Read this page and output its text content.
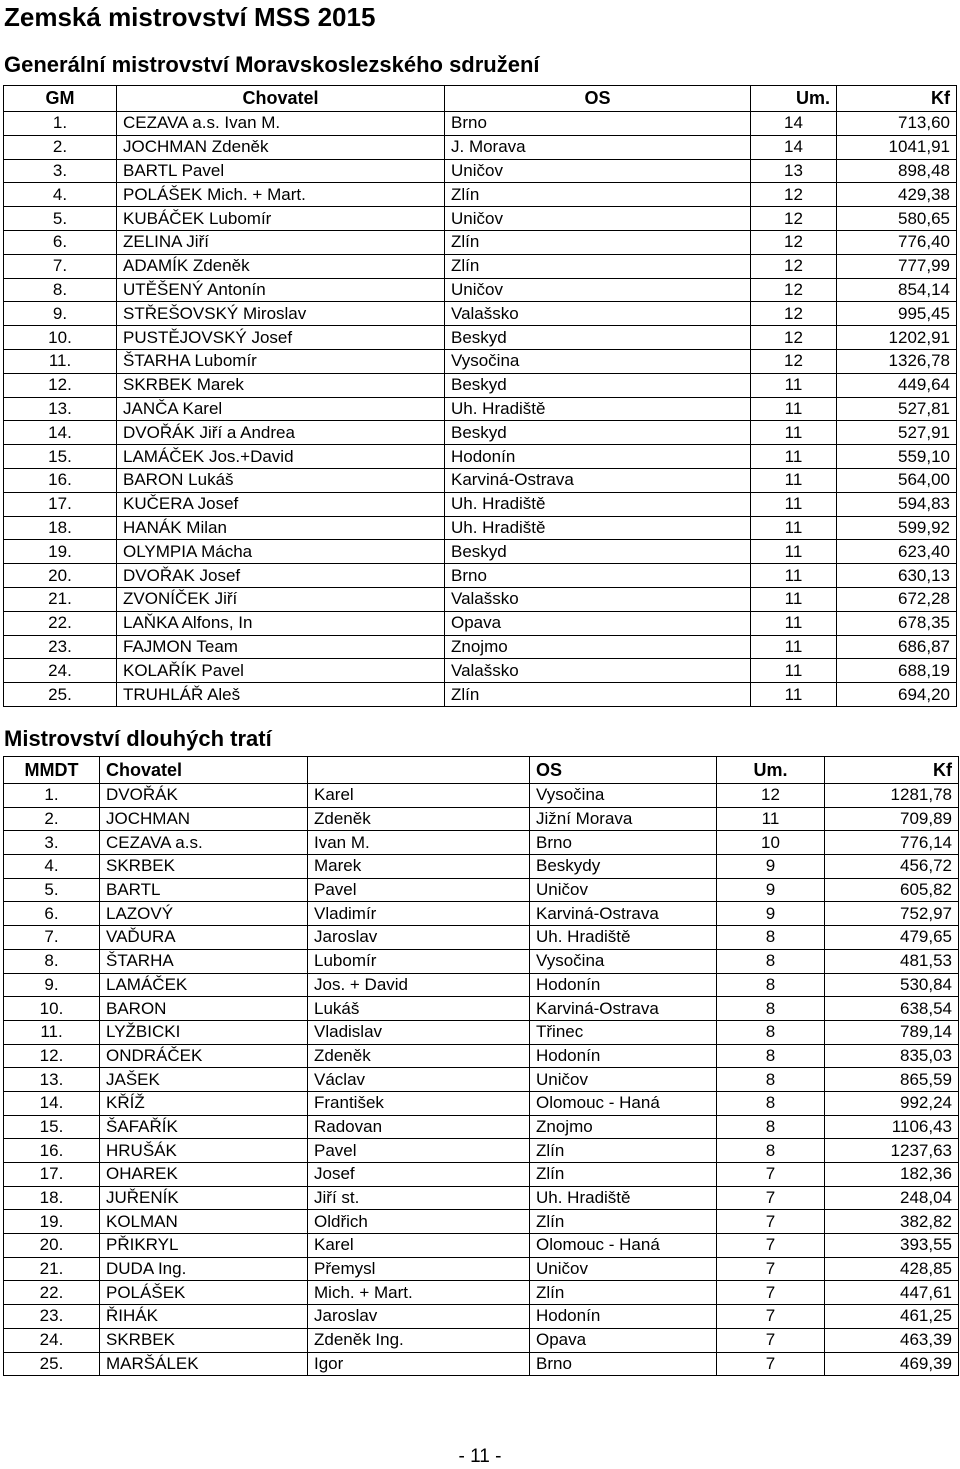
Zemská mistrovství MSS 2015
Generální mistrovství Moravskoslezského sdružení
GM	Chovatel	OS	Um.	Kf
1.	CEZAVA a.s. Ivan M.	Brno	14	713,60
2.	JOCHMAN Zdeněk	J. Morava	14	1041,91
3.	BARTL Pavel	Uničov	13	898,48
4.	POLÁŠEK Mich. + Mart.	Zlín	12	429,38
5.	KUBÁČEK Lubomír	Uničov	12	580,65
6.	ZELINA Jiří	Zlín	12	776,40
7.	ADAMÍK Zdeněk	Zlín	12	777,99
8.	UTĚŠENÝ Antonín	Uničov	12	854,14
9.	STŘEŠOVSKÝ Miroslav	Valašsko	12	995,45
10.	PUSTĚJOVSKÝ Josef	Beskyd	12	1202,91
11.	ŠTARHA Lubomír	Vysočina	12	1326,78
12.	SKRBEK Marek	Beskyd	11	449,64
13.	JANČA Karel	Uh. Hradiště	11	527,81
14.	DVOŘÁK Jiří a Andrea	Beskyd	11	527,91
15.	LAMÁČEK Jos.+David	Hodonín	11	559,10
16.	BARON Lukáš	Karviná-Ostrava	11	564,00
17.	KUČERA Josef	Uh. Hradiště	11	594,83
18.	HANÁK Milan	Uh. Hradiště	11	599,92
19.	OLYMPIA Mácha	Beskyd	11	623,40
20.	DVOŘAK Josef	Brno	11	630,13
21.	ZVONÍČEK Jiří	Valašsko	11	672,28
22.	LAŇKA Alfons, In	Opava	11	678,35
23.	FAJMON Team	Znojmo	11	686,87
24.	KOLAŘÍK Pavel	Valašsko	11	688,19
25.	TRUHLÁŘ Aleš	Zlín	11	694,20
Mistrovství dlouhých tratí
MMDT	Chovatel		OS	Um.	Kf
1.	DVOŘÁK	Karel	Vysočina	12	1281,78
2.	JOCHMAN	Zdeněk	Jižní Morava	11	709,89
3.	CEZAVA a.s.	Ivan M.	Brno	10	776,14
4.	SKRBEK	Marek	Beskydy	9	456,72
5.	BARTL	Pavel	Uničov	9	605,82
6.	LAZOVÝ	Vladimír	Karviná-Ostrava	9	752,97
7.	VAĎURA	Jaroslav	Uh. Hradiště	8	479,65
8.	ŠTARHA	Lubomír	Vysočina	8	481,53
9.	LAMÁČEK	Jos. + David	Hodonín	8	530,84
10.	BARON	Lukáš	Karviná-Ostrava	8	638,54
11.	LYŽBICKI	Vladislav	Třinec	8	789,14
12.	ONDRÁČEK	Zdeněk	Hodonín	8	835,03
13.	JAŠEK	Václav	Uničov	8	865,59
14.	KŘÍŽ	František	Olomouc - Haná	8	992,24
15.	ŠAFAŘÍK	Radovan	Znojmo	8	1106,43
16.	HRUŠÁK	Pavel	Zlín	8	1237,63
17.	OHAREK	Josef	Zlín	7	182,36
18.	JUŘENÍK	Jiří st.	Uh. Hradiště	7	248,04
19.	KOLMAN	Oldřich	Zlín	7	382,82
20.	PŘIKRYL	Karel	Olomouc - Haná	7	393,55
21.	DUDA Ing.	Přemysl	Uničov	7	428,85
22.	POLÁŠEK	Mich. + Mart.	Zlín	7	447,61
23.	ŘIHÁK	Jaroslav	Hodonín	7	461,25
24.	SKRBEK	Zdeněk Ing.	Opava	7	463,39
25.	MARŠÁLEK	Igor	Brno	7	469,39
- 11 -
